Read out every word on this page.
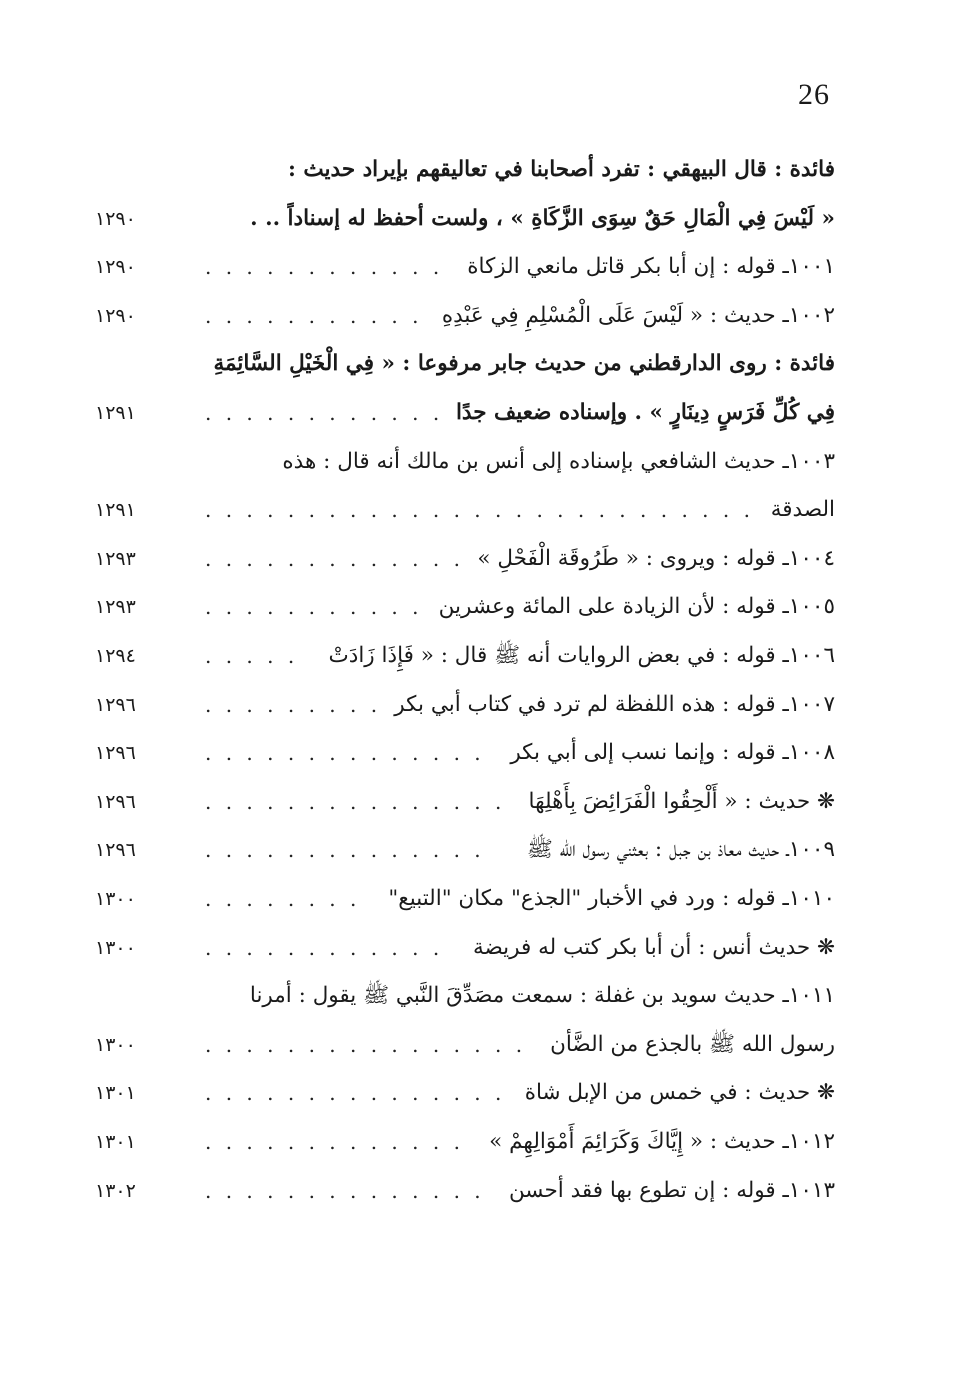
26
فائدة : قال البيهقي : تفرد أصحابنا في تعاليقهم بإيراد حديث :
« لَيْسَ فِي الْمَالِ حَقٌ سِوَى الزَّكَاةِ » ، ولست أحفظ له إسناداً .. .
١٢٩٠
١٠٠١ـ قوله : إن أبا بكر قاتل مانعي الزكاة
. . . . . . . . . . . .
١٢٩٠
١٠٠٢ـ حديث : « لَيْسَ عَلَى الْمُسْلِمِ فِي عَبْدِهِ
. . . . . . . . . . .
١٢٩٠
فائدة : روى الدارقطني من حديث جابر مرفوعا : « فِي الْخَيْلِ السَّائِمَةِ
فِي كُلِّ فَرَسٍ دِينَارٍ » . وإسناده ضعيف جدًا
. . . . . . . . . . . .
١٢٩١
١٠٠٣ـ حديث الشافعي بإسناده إلى أنس بن مالك أنه قال : هذه
الصدقة
. . . . . . . . . . . . . . . . . . . . . . . . . . .
١٢٩١
١٠٠٤ـ قوله : ويروى : « طَرُوقَة الْفَحْلِ »
. . . . . . . . . . . . .
١٢٩٣
١٠٠٥ـ قوله : لأن الزيادة على المائة وعشرين
. . . . . . . . . . .
١٢٩٣
١٠٠٦ـ قوله : في بعض الروايات أنه ﷺ قال : « فَإِذَا زَادَتْ
. . . . .
١٢٩٤
١٠٠٧ـ قوله : هذه اللفظة لم ترد في كتاب أبي بكر
. . . . . . . . .
١٢٩٦
١٠٠٨ـ قوله : وإنما نسب إلى أبي بكر
. . . . . . . . . . . . . .
١٢٩٦
❋ حديث : « أَلْحِقُوا الْفَرَائِضَ بِأَهْلِهَا
. . . . . . . . . . . . . . .
١٢٩٦
١٠٠٩ـ حديث معاذ بن جبل : بعثني رسول الله ﷺ
. . . . . . . . . . . . . .
١٢٩٦
١٠١٠ـ قوله : ورد في الأخبار "الجذع" مكان "التبيع"
. . . . . . . .
١٣٠٠
❋ حديث أنس : أن أبا بكر كتب له فريضة
. . . . . . . . . . . .
١٣٠٠
١٠١١ـ حديث سويد بن غفلة : سمعت مصَدِّقَ النَّبي ﷺ يقول : أمرنا
رسول الله ﷺ بالجذع من الضَّأن
. . . . . . . . . . . . . . . .
١٣٠٠
❋ حديث : في خمس من الإبل شاة
. . . . . . . . . . . . . . .
١٣٠١
١٠١٢ـ حديث : « إِيَّاكَ وَكَرَائِمَ أَمْوَالِهِمْ »
. . . . . . . . . . . . .
١٣٠١
١٠١٣ـ قوله : إن تطوع بها فقد أحسن
. . . . . . . . . . . . . .
١٣٠٢
